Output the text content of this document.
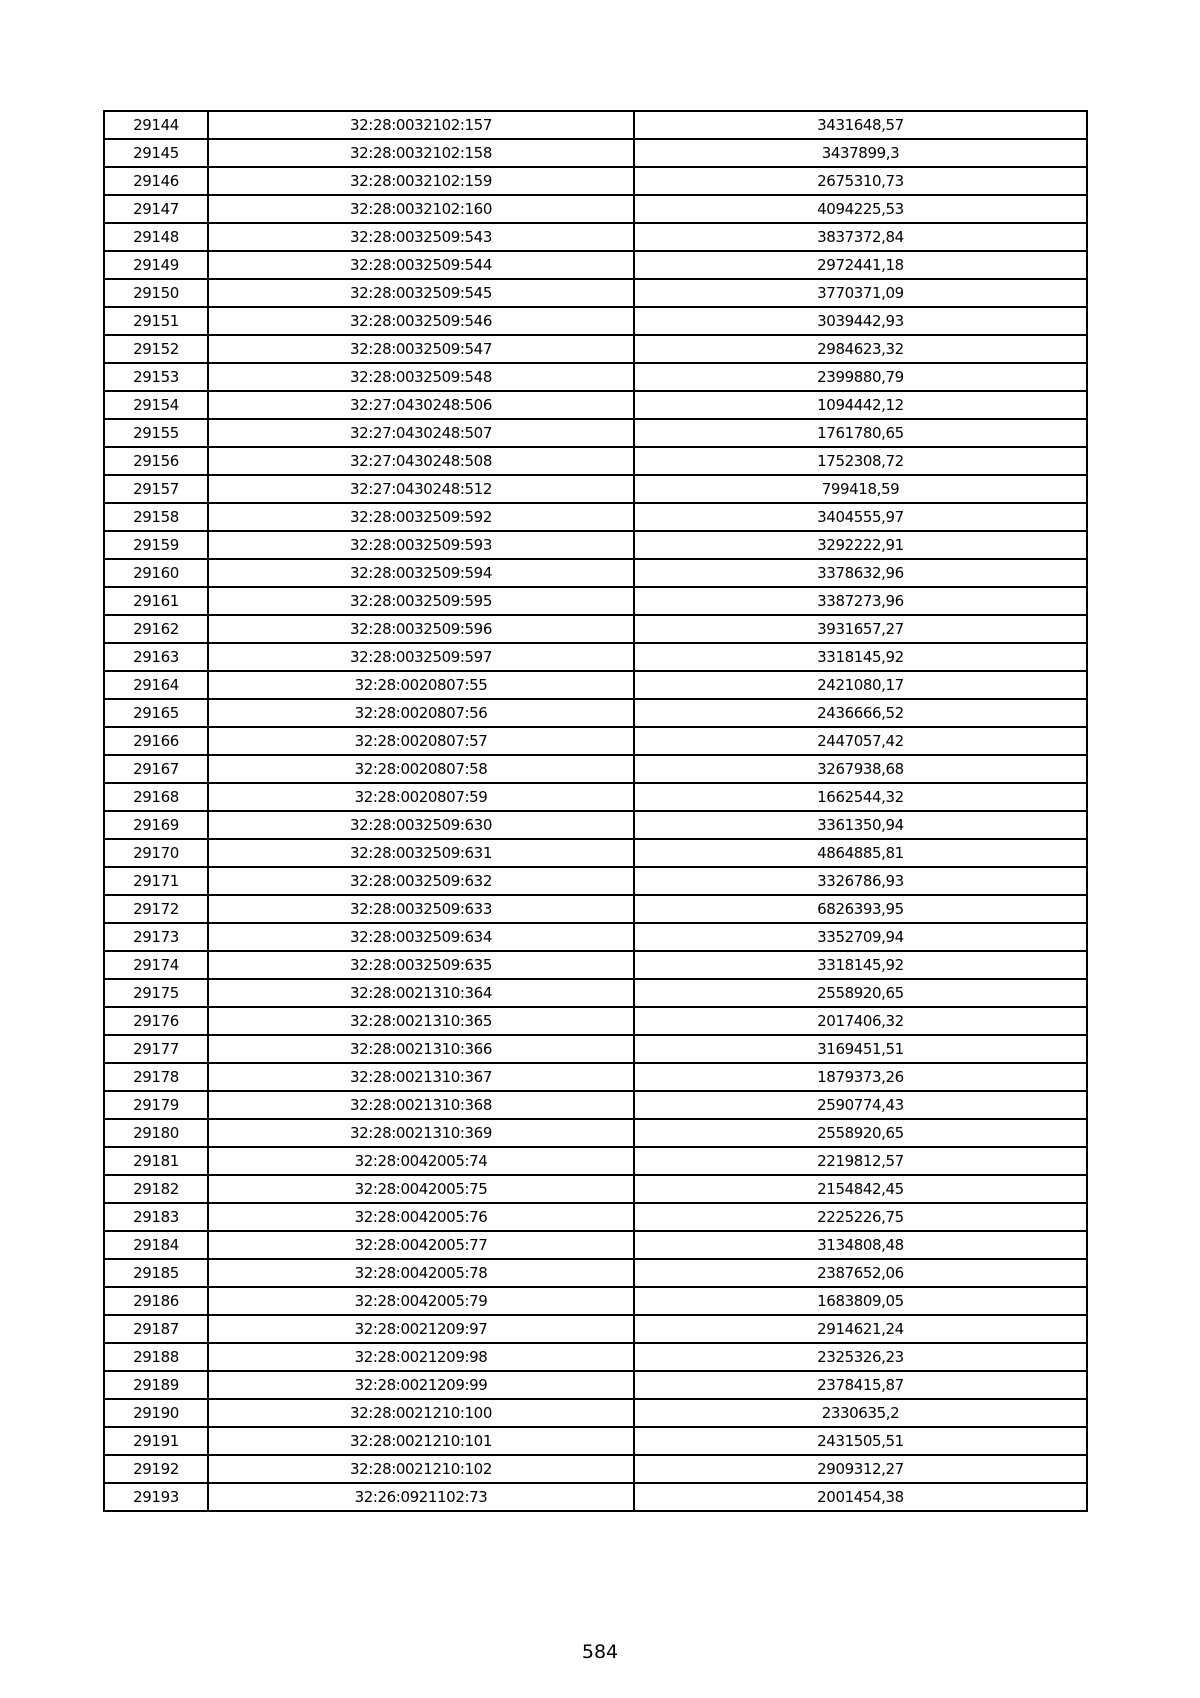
29144	32:28:0032102:157	3431648,57
29145	32:28:0032102:158	3437899,3
29146	32:28:0032102:159	2675310,73
29147	32:28:0032102:160	4094225,53
29148	32:28:0032509:543	3837372,84
29149	32:28:0032509:544	2972441,18
29150	32:28:0032509:545	3770371,09
29151	32:28:0032509:546	3039442,93
29152	32:28:0032509:547	2984623,32
29153	32:28:0032509:548	2399880,79
29154	32:27:0430248:506	1094442,12
29155	32:27:0430248:507	1761780,65
29156	32:27:0430248:508	1752308,72
29157	32:27:0430248:512	799418,59
29158	32:28:0032509:592	3404555,97
29159	32:28:0032509:593	3292222,91
29160	32:28:0032509:594	3378632,96
29161	32:28:0032509:595	3387273,96
29162	32:28:0032509:596	3931657,27
29163	32:28:0032509:597	3318145,92
29164	32:28:0020807:55	2421080,17
29165	32:28:0020807:56	2436666,52
29166	32:28:0020807:57	2447057,42
29167	32:28:0020807:58	3267938,68
29168	32:28:0020807:59	1662544,32
29169	32:28:0032509:630	3361350,94
29170	32:28:0032509:631	4864885,81
29171	32:28:0032509:632	3326786,93
29172	32:28:0032509:633	6826393,95
29173	32:28:0032509:634	3352709,94
29174	32:28:0032509:635	3318145,92
29175	32:28:0021310:364	2558920,65
29176	32:28:0021310:365	2017406,32
29177	32:28:0021310:366	3169451,51
29178	32:28:0021310:367	1879373,26
29179	32:28:0021310:368	2590774,43
29180	32:28:0021310:369	2558920,65
29181	32:28:0042005:74	2219812,57
29182	32:28:0042005:75	2154842,45
29183	32:28:0042005:76	2225226,75
29184	32:28:0042005:77	3134808,48
29185	32:28:0042005:78	2387652,06
29186	32:28:0042005:79	1683809,05
29187	32:28:0021209:97	2914621,24
29188	32:28:0021209:98	2325326,23
29189	32:28:0021209:99	2378415,87
29190	32:28:0021210:100	2330635,2
29191	32:28:0021210:101	2431505,51
29192	32:28:0021210:102	2909312,27
29193	32:26:0921102:73	2001454,38
584
